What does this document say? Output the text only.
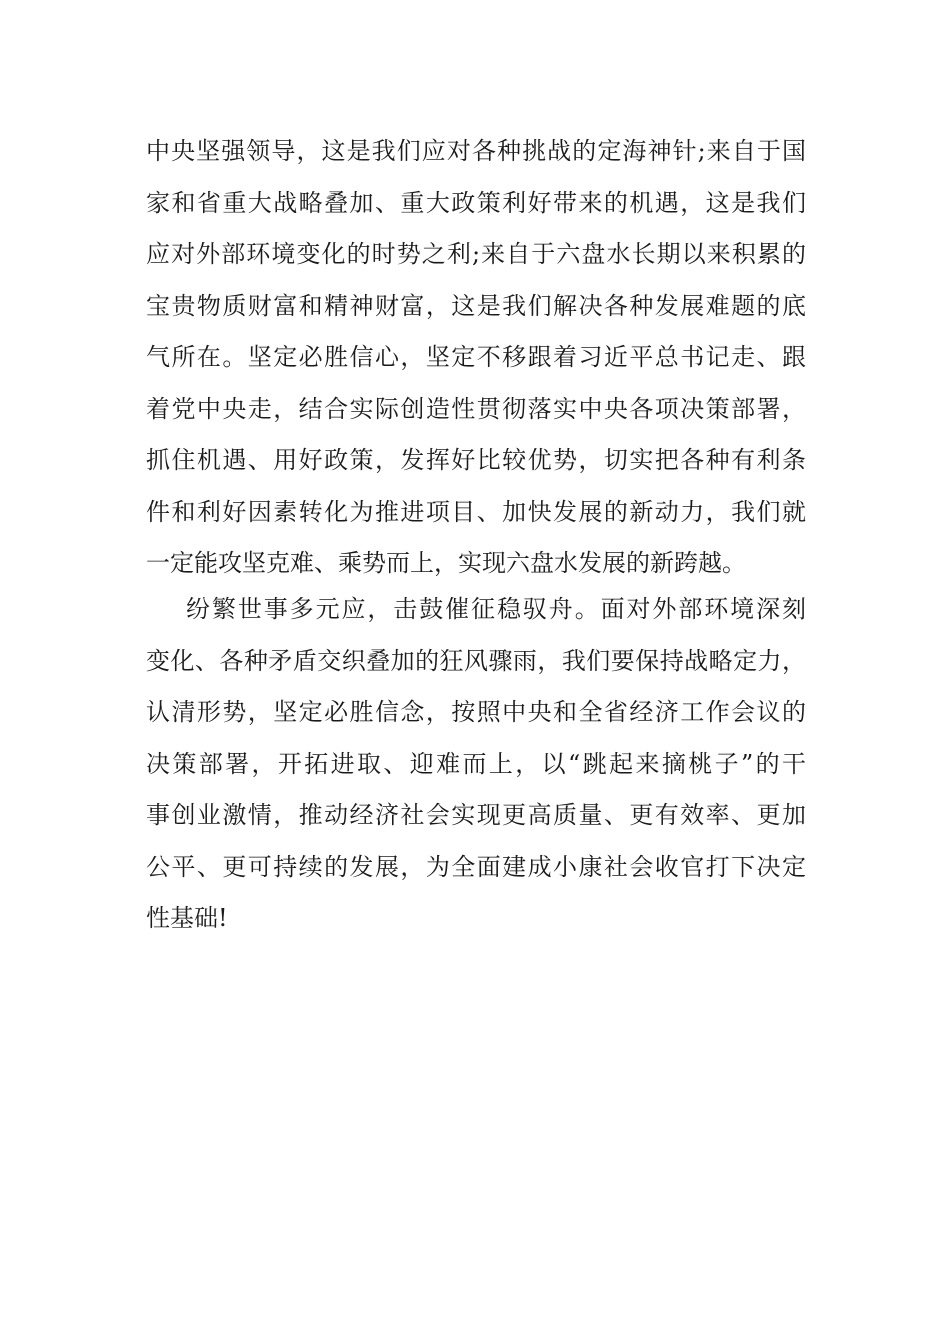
中央坚强领导，这是我们应对各种挑战的定海神针;来自于国
家和省重大战略叠加、重大政策利好带来的机遇，这是我们
应对外部环境变化的时势之利;来自于六盘水长期以来积累的
宝贵物质财富和精神财富，这是我们解决各种发展难题的底
气所在。坚定必胜信心，坚定不移跟着习近平总书记走、跟
着党中央走，结合实际创造性贯彻落实中央各项决策部署，
抓住机遇、用好政策，发挥好比较优势，切实把各种有利条
件和利好因素转化为推进项目、加快发展的新动力，我们就
一定能攻坚克难、乘势而上，实现六盘水发展的新跨越。
纷繁世事多元应，击鼓催征稳驭舟。面对外部环境深刻
变化、各种矛盾交织叠加的狂风骤雨，我们要保持战略定力，
认清形势，坚定必胜信念，按照中央和全省经济工作会议的
决策部署，开拓进取、迎难而上，以“跳起来摘桃子”的干
事创业激情，推动经济社会实现更高质量、更有效率、更加
公平、更可持续的发展，为全面建成小康社会收官打下决定
性基础!
